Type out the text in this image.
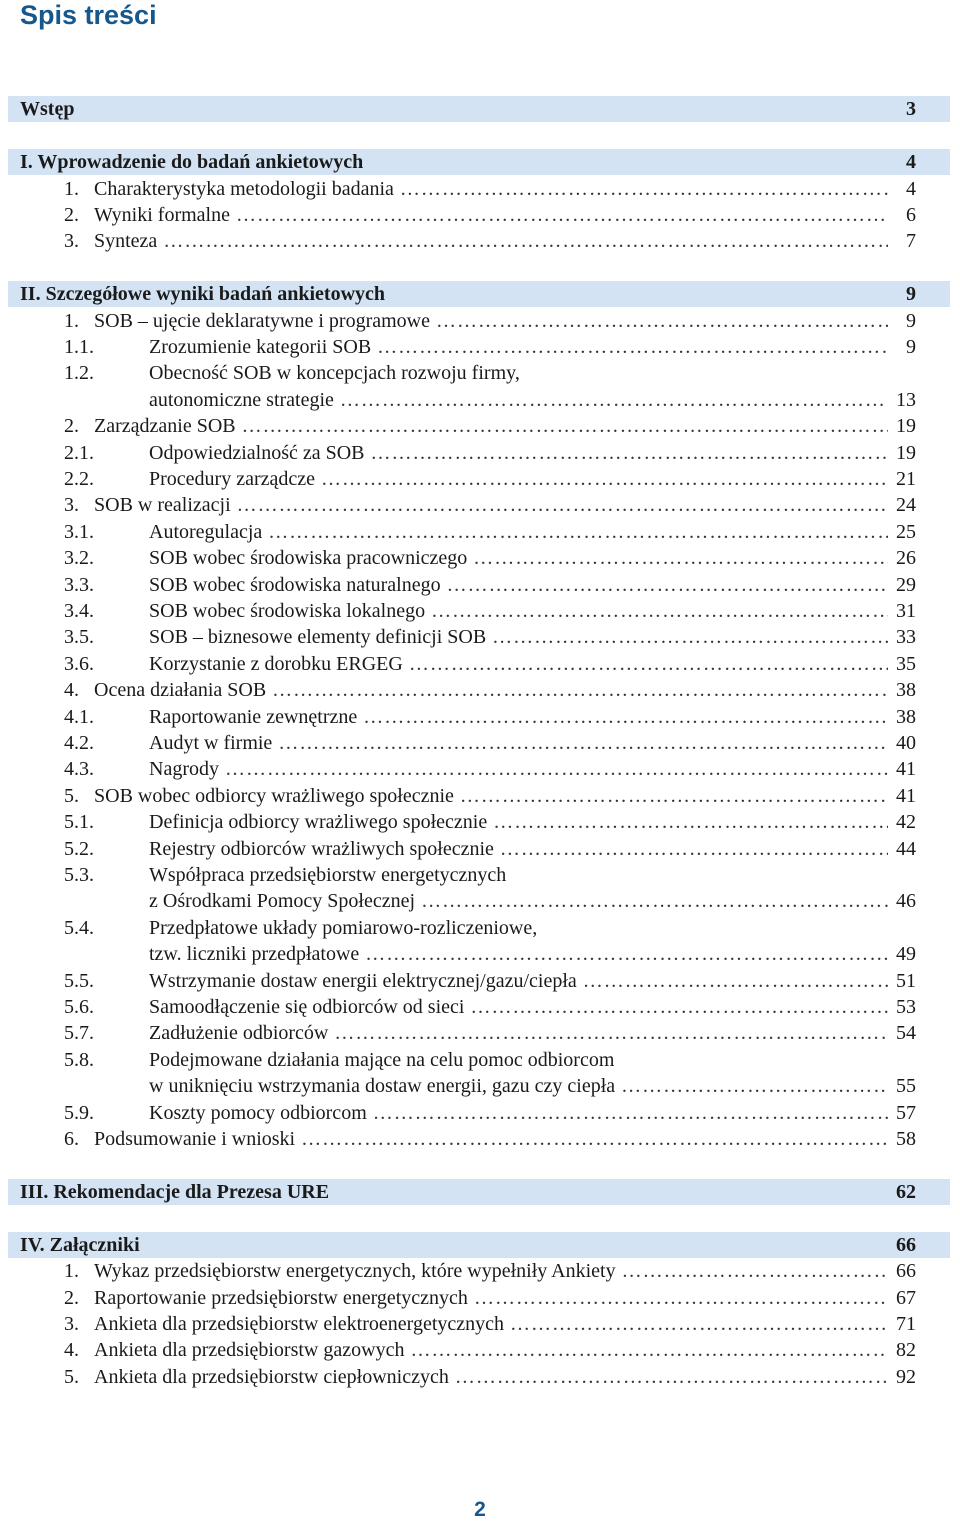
Spis treści
Wstęp	3
I. Wprowadzenie do badań ankietowych	4
1. Charakterystyka metodologii badania ………………………………………………………………………………………………………………………………………………………………………………………………	4
2. Wyniki formalne ………………………………………………………………………………………………………………………………………………………………………………………………	6
3. Synteza ………………………………………………………………………………………………………………………………………………………………………………………………	7
II. Szczegółowe wyniki badań ankietowych	9
1. SOB – ujęcie deklaratywne i programowe ………………………………………………………………………………………………………………………………………………………………………………………………	9
1.1.	Zrozumienie kategorii SOB ………………………………………………………………………………………………………………………………………………………………………………………………	9
1.2.	Obecność SOB w koncepcjach rozwoju firmy,
autonomiczne strategie ………………………………………………………………………………………………………………………………………………………………………………………………	13
2. Zarządzanie SOB ………………………………………………………………………………………………………………………………………………………………………………………………	19
2.1.	Odpowiedzialność za SOB ………………………………………………………………………………………………………………………………………………………………………………………………	19
2.2.	Procedury zarządcze ………………………………………………………………………………………………………………………………………………………………………………………………	21
3. SOB w realizacji ………………………………………………………………………………………………………………………………………………………………………………………………	24
3.1.	Autoregulacja ………………………………………………………………………………………………………………………………………………………………………………………………	25
3.2.	SOB wobec środowiska pracowniczego ………………………………………………………………………………………………………………………………………………………………………………………………	26
3.3.	SOB wobec środowiska naturalnego ………………………………………………………………………………………………………………………………………………………………………………………………	29
3.4.	SOB wobec środowiska lokalnego ………………………………………………………………………………………………………………………………………………………………………………………………	31
3.5.	SOB – biznesowe elementy definicji SOB ………………………………………………………………………………………………………………………………………………………………………………………………	33
3.6.	Korzystanie z dorobku ERGEG ………………………………………………………………………………………………………………………………………………………………………………………………	35
4. Ocena działania SOB ………………………………………………………………………………………………………………………………………………………………………………………………	38
4.1.	Raportowanie zewnętrzne ………………………………………………………………………………………………………………………………………………………………………………………………	38
4.2.	Audyt w firmie ………………………………………………………………………………………………………………………………………………………………………………………………	40
4.3.	Nagrody ………………………………………………………………………………………………………………………………………………………………………………………………	41
5. SOB wobec odbiorcy wrażliwego społecznie ………………………………………………………………………………………………………………………………………………………………………………………………	41
5.1.	Definicja odbiorcy wrażliwego społecznie ………………………………………………………………………………………………………………………………………………………………………………………………	42
5.2.	Rejestry odbiorców wrażliwych społecznie ………………………………………………………………………………………………………………………………………………………………………………………………	44
5.3.	Współpraca przedsiębiorstw energetycznych
z Ośrodkami Pomocy Społecznej ………………………………………………………………………………………………………………………………………………………………………………………………	46
5.4.	Przedpłatowe układy pomiarowo-rozliczeniowe,
tzw. liczniki przedpłatowe ………………………………………………………………………………………………………………………………………………………………………………………………	49
5.5.	Wstrzymanie dostaw energii elektrycznej/gazu/ciepła ………………………………………………………………………………………………………………………………………………………………………………………………	51
5.6.	Samoodłączenie się odbiorców od sieci ………………………………………………………………………………………………………………………………………………………………………………………………	53
5.7.	Zadłużenie odbiorców ………………………………………………………………………………………………………………………………………………………………………………………………	54
5.8.	Podejmowane działania mające na celu pomoc odbiorcom
w uniknięciu wstrzymania dostaw energii, gazu czy ciepła ………………………………………………………………………………………………………………………………………………………………………………………………	55
5.9.	Koszty pomocy odbiorcom ………………………………………………………………………………………………………………………………………………………………………………………………	57
6. Podsumowanie i wnioski ………………………………………………………………………………………………………………………………………………………………………………………………	58
III. Rekomendacje dla Prezesa URE	62
IV. Załączniki	66
1. Wykaz przedsiębiorstw energetycznych, które wypełniły Ankiety ………………………………………………………………………………………………………………………………………………………………………………………………	66
2. Raportowanie przedsiębiorstw energetycznych ………………………………………………………………………………………………………………………………………………………………………………………………	67
3. Ankieta dla przedsiębiorstw elektroenergetycznych ………………………………………………………………………………………………………………………………………………………………………………………………	71
4. Ankieta dla przedsiębiorstw gazowych ………………………………………………………………………………………………………………………………………………………………………………………………	82
5. Ankieta dla przedsiębiorstw ciepłowniczych ………………………………………………………………………………………………………………………………………………………………………………………………	92
2
